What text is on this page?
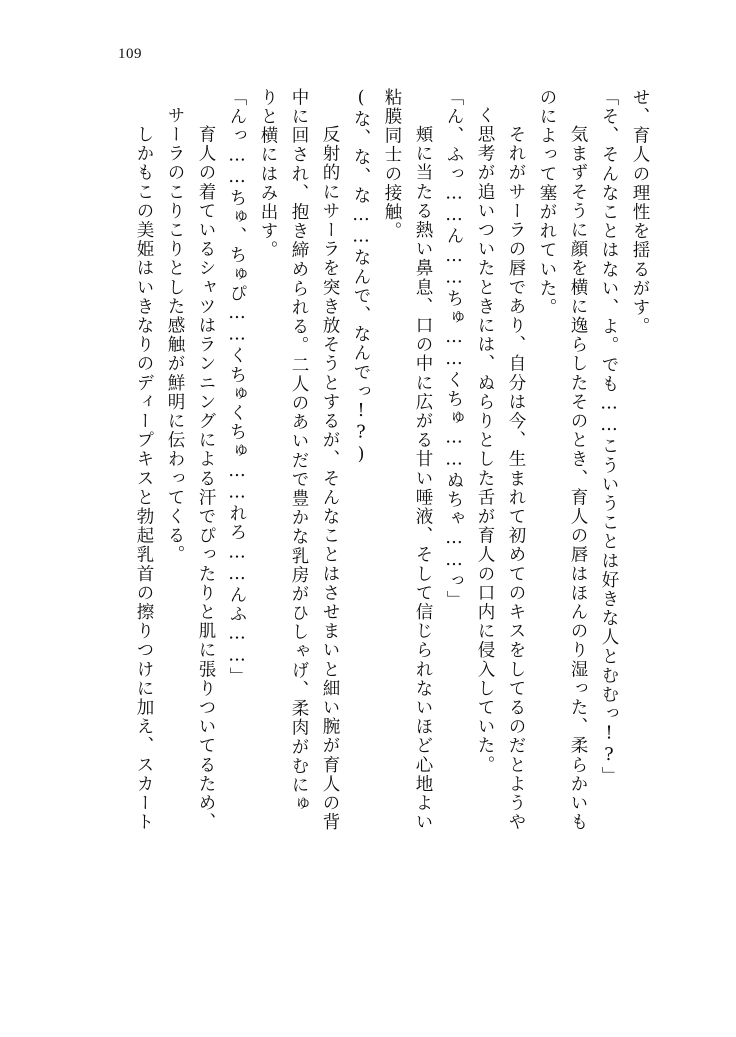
109
せ、育人の理性を揺るがす。
「そ、そんなことはない、よ。でも……こういうことは好きな人とむむっ!?」
　気まずそうに顔を横に逸らしたそのとき、育人の唇はほんのり湿った、柔らかいも
のによって塞がれていた。
　それがサーラの唇であり、自分は今、生まれて初めてのキスをしてるのだとようや
く思考が追いついたときには、ぬらりとした舌が育人の口内に侵入していた。
「ん、ふっ……ん……ちゅ……くちゅ……ぬちゃ……っ」
　頬に当たる熱い鼻息、口の中に広がる甘い唾液、そして信じられないほど心地よい
粘膜同士の接触。
(な、な、な……なんで、なんでっ!?)
　反射的にサーラを突き放そうとするが、そんなことはさせまいと細い腕が育人の背
中に回され、抱き締められる。二人のあいだで豊かな乳房がひしゃげ、柔肉がむにゅ
りと横にはみ出す。
「んっ……ちゅ、ちゅぴ……くちゅくちゅ……れろ……んふ……」
　育人の着ているシャツはランニングによる汗でぴったりと肌に張りついてるため、
サーラのこりこりとした感触が鮮明に伝わってくる。
　しかもこの美姫はいきなりのディープキスと勃起乳首の擦りつけに加え、スカート
